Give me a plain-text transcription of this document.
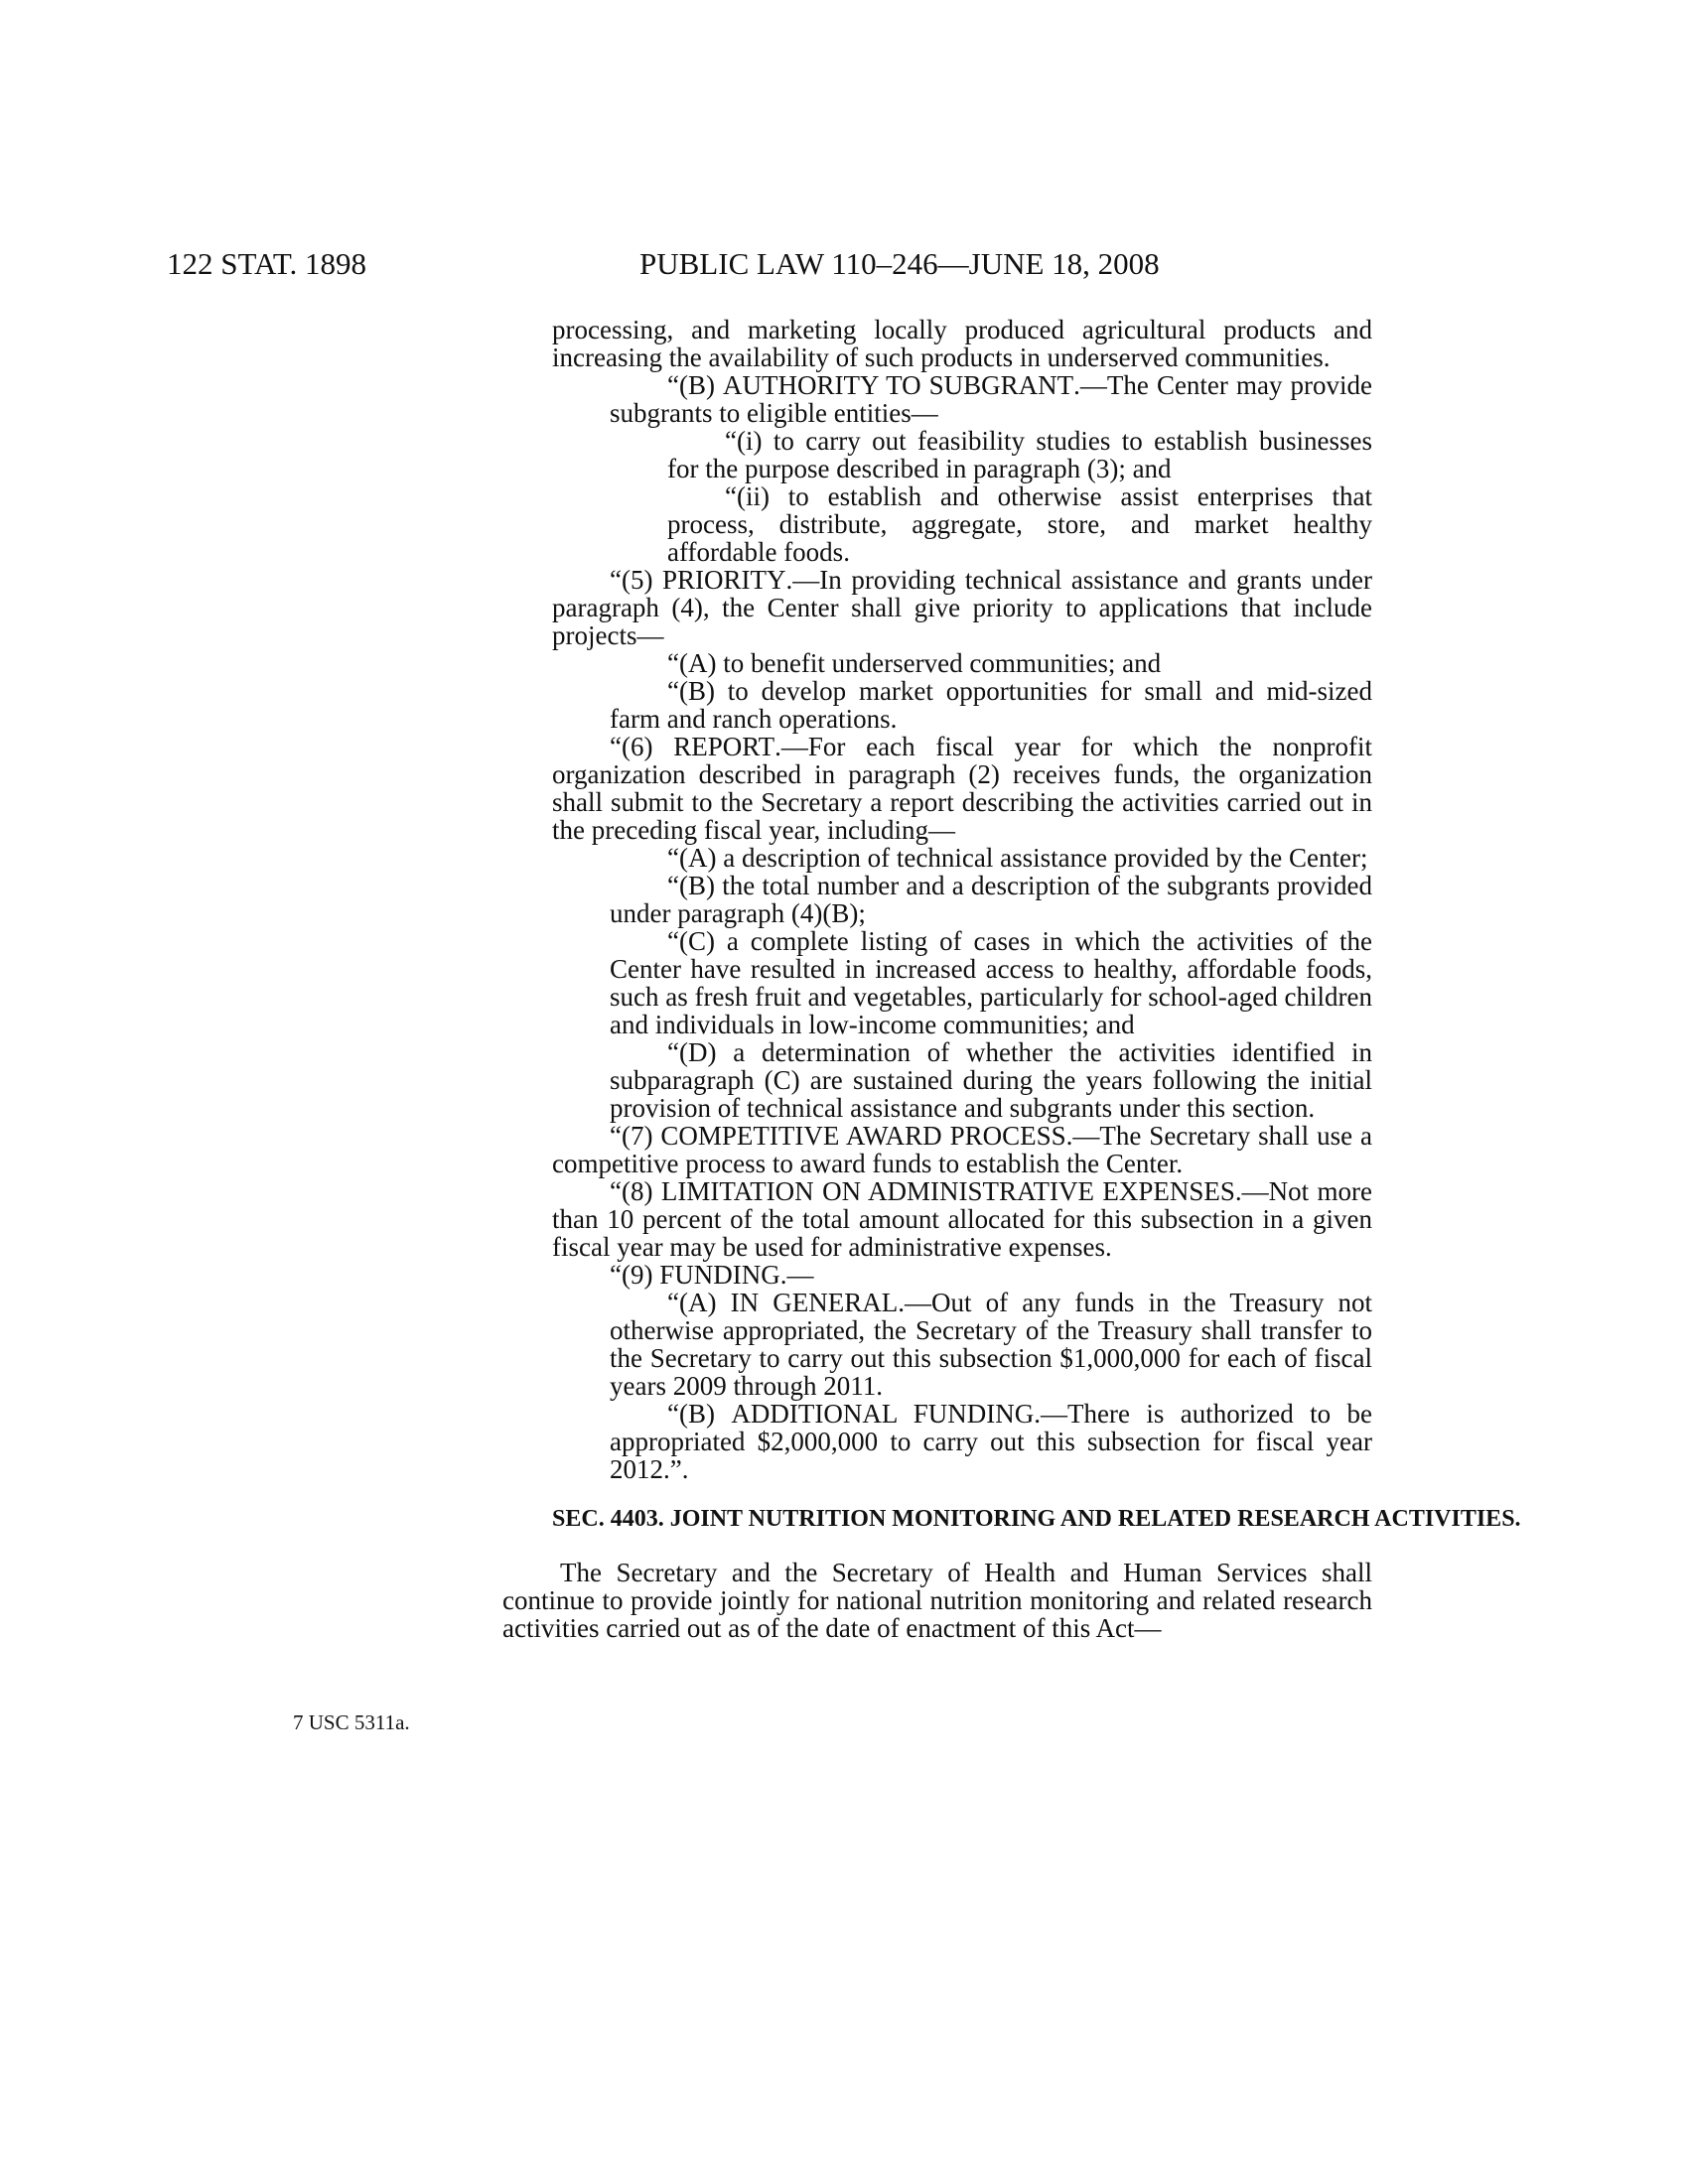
122 STAT. 1898	PUBLIC LAW 110–246—JUNE 18, 2008
7 USC 5311a.

processing, and marketing locally produced agricultural products and increasing the availability of such products in underserved communities.

“(B) AUTHORITY TO SUBGRANT.—The Center may provide subgrants to eligible entities—

“(i) to carry out feasibility studies to establish businesses for the purpose described in paragraph (3); and

“(ii) to establish and otherwise assist enterprises that process, distribute, aggregate, store, and market healthy affordable foods.

“(5) PRIORITY.—In providing technical assistance and grants under paragraph (4), the Center shall give priority to applications that include projects—

“(A) to benefit underserved communities; and

“(B) to develop market opportunities for small and mid-sized farm and ranch operations.

“(6) REPORT.—For each fiscal year for which the nonprofit organization described in paragraph (2) receives funds, the organization shall submit to the Secretary a report describing the activities carried out in the preceding fiscal year, including—

“(A) a description of technical assistance provided by the Center;

“(B) the total number and a description of the subgrants provided under paragraph (4)(B);

“(C) a complete listing of cases in which the activities of the Center have resulted in increased access to healthy, affordable foods, such as fresh fruit and vegetables, particularly for school-aged children and individuals in low-income communities; and

“(D) a determination of whether the activities identified in subparagraph (C) are sustained during the years following the initial provision of technical assistance and subgrants under this section.

“(7) COMPETITIVE AWARD PROCESS.—The Secretary shall use a competitive process to award funds to establish the Center.

“(8) LIMITATION ON ADMINISTRATIVE EXPENSES.—Not more than 10 percent of the total amount allocated for this subsection in a given fiscal year may be used for administrative expenses.

“(9) FUNDING.—

“(A) IN GENERAL.—Out of any funds in the Treasury not otherwise appropriated, the Secretary of the Treasury shall transfer to the Secretary to carry out this subsection $1,000,000 for each of fiscal years 2009 through 2011.

“(B) ADDITIONAL FUNDING.—There is authorized to be appropriated $2,000,000 to carry out this subsection for fiscal year 2012.”.

SEC. 4403. JOINT NUTRITION MONITORING AND RELATED RESEARCH ACTIVITIES.

The Secretary and the Secretary of Health and Human Services shall continue to provide jointly for national nutrition monitoring and related research activities carried out as of the date of enactment of this Act—
